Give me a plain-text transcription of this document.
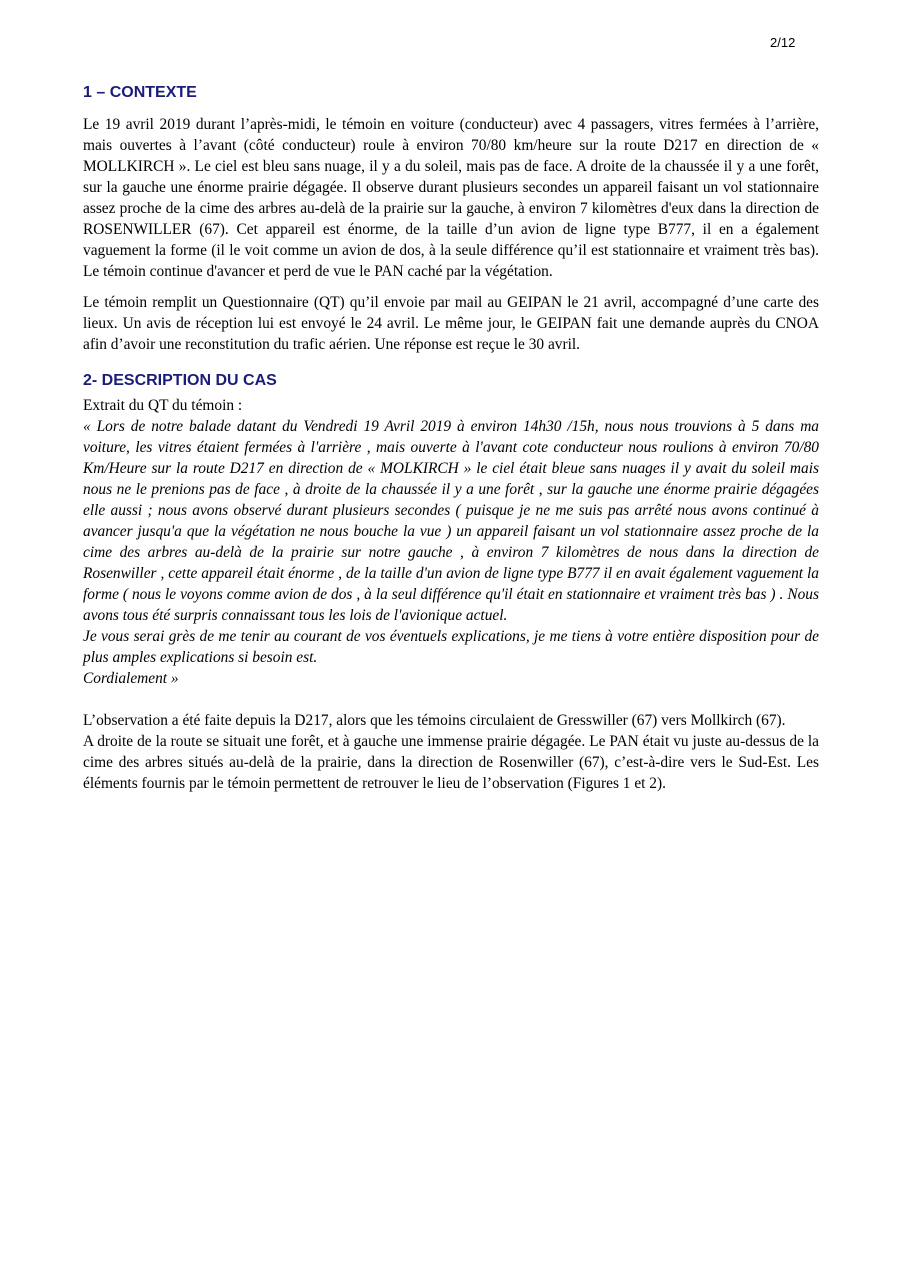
2/12
1 – CONTEXTE

Le 19 avril 2019 durant l’après-midi, le témoin en voiture (conducteur) avec 4 passagers, vitres fermées à l’arrière, mais ouvertes à l’avant (côté conducteur) roule à environ 70/80 km/heure sur la route D217 en direction de « MOLLKIRCH ». Le ciel est bleu sans nuage, il y a du soleil, mais pas de face. A droite de la chaussée il y a une forêt, sur la gauche une énorme prairie dégagée. Il observe durant plusieurs secondes un appareil faisant un vol stationnaire assez proche de la cime des arbres au-delà de la prairie sur la gauche, à environ 7 kilomètres d'eux dans la direction de ROSENWILLER (67). Cet appareil est énorme, de la taille d’un avion de ligne type B777, il en a également vaguement la forme (il le voit comme un avion de dos, à la seule différence qu’il est stationnaire et vraiment très bas). Le témoin continue d'avancer et perd de vue le PAN caché par la végétation.

Le témoin remplit un Questionnaire (QT) qu’il envoie par mail au GEIPAN le 21 avril, accompagné d’une carte des lieux. Un avis de réception lui est envoyé le 24 avril. Le même jour, le GEIPAN fait une demande auprès du CNOA afin d’avoir une reconstitution du trafic aérien. Une réponse est reçue le 30 avril.

2- DESCRIPTION DU CAS

Extrait du QT du témoin :

« Lors de notre balade datant du Vendredi 19 Avril 2019 à environ 14h30 /15h, nous nous trouvions à 5 dans ma voiture, les vitres étaient fermées à l'arrière , mais ouverte à l'avant cote conducteur nous roulions à environ 70/80 Km/Heure sur la route D217 en direction de « MOLKIRCH » le ciel était bleue sans nuages il y avait du soleil mais nous ne le prenions pas de face , à droite de la chaussée il y a une forêt , sur la gauche une énorme prairie dégagées elle aussi ; nous avons observé durant plusieurs secondes ( puisque je ne me suis pas arrêté nous avons continué à avancer jusqu'a que la végétation ne nous bouche la vue ) un appareil faisant un vol stationnaire assez proche de la cime des arbres au-delà de la prairie sur notre gauche , à environ 7 kilomètres de nous dans la direction de Rosenwiller , cette appareil était énorme , de la taille d'un avion de ligne type B777 il en avait également vaguement la forme ( nous le voyons comme avion de dos , à la seul différence qu'il était en stationnaire et vraiment très bas ) . Nous avons tous été surpris connaissant tous les lois de l'avionique actuel.

Je vous serai grès de me tenir au courant de vos éventuels explications, je me tiens à votre entière disposition pour de plus amples explications si besoin est.

Cordialement »

L’observation a été faite depuis la D217, alors que les témoins circulaient de Gresswiller (67) vers Mollkirch (67).

A droite de la route se situait une forêt, et à gauche une immense prairie dégagée. Le PAN était vu juste au-dessus de la cime des arbres situés au-delà de la prairie, dans la direction de Rosenwiller (67), c’est-à-dire vers le Sud-Est. Les éléments fournis par le témoin permettent de retrouver le lieu de l’observation (Figures 1 et 2).
